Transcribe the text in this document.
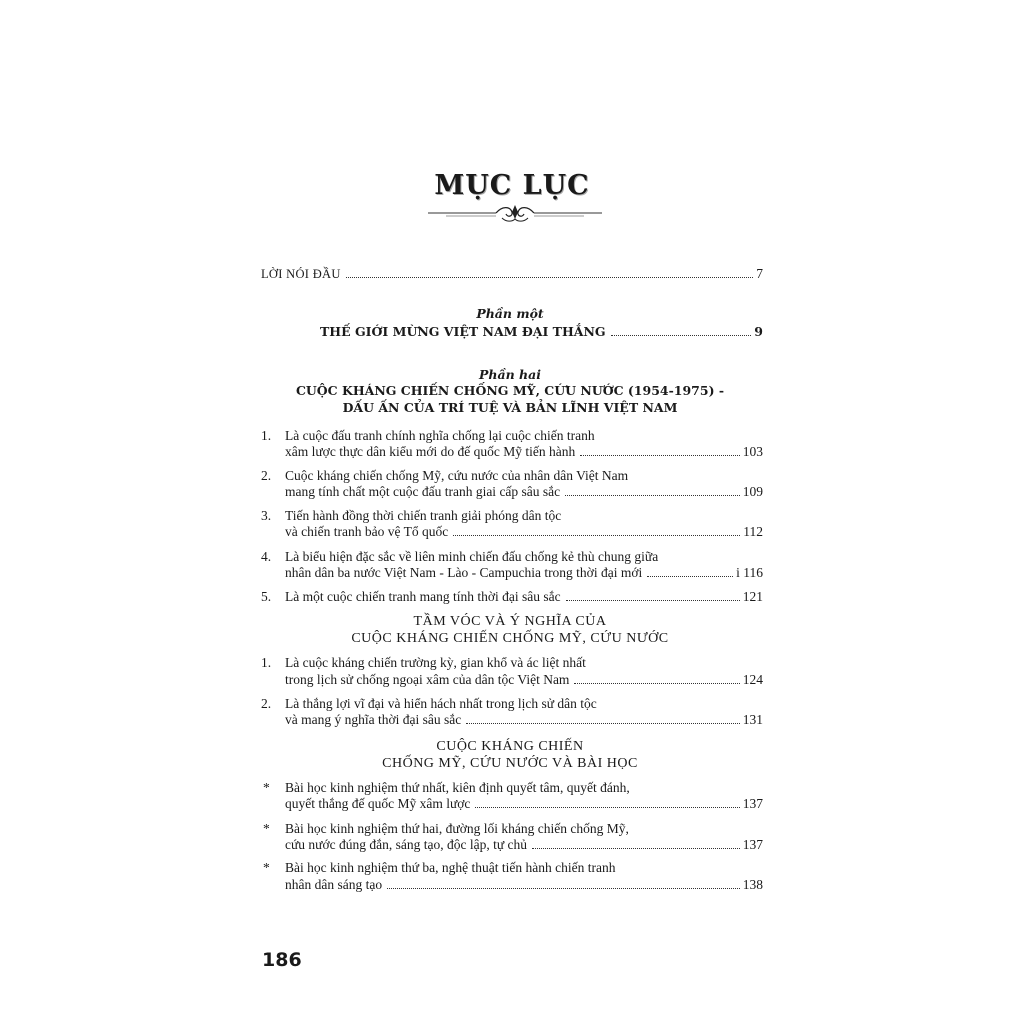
MỤC LỤC
LỜI NÓI ĐẦU	7
Phần một
THẾ GIỚI MỪNG VIỆT NAM ĐẠI THẮNG	9
Phần hai
CUỘC KHÁNG CHIẾN CHỐNG MỸ, CỨU NƯỚC (1954-1975) -
DẤU ẤN CỦA TRÍ TUỆ VÀ BẢN LĨNH VIỆT NAM
1. Là cuộc đấu tranh chính nghĩa chống lại cuộc chiến tranh
xâm lược thực dân kiểu mới do đế quốc Mỹ tiến hành	103
2. Cuộc kháng chiến chống Mỹ, cứu nước của nhân dân Việt Nam
mang tính chất một cuộc đấu tranh giai cấp sâu sắc	109
3. Tiến hành đồng thời chiến tranh giải phóng dân tộc
và chiến tranh bảo vệ Tổ quốc	112
4. Là biểu hiện đặc sắc về liên minh chiến đấu chống kẻ thù chung giữa
nhân dân ba nước Việt Nam - Lào - Campuchia trong thời đại mới	i 116
5. Là một cuộc chiến tranh mang tính thời đại sâu sắc	121
TẦM VÓC VÀ Ý NGHĨA CỦA
CUỘC KHÁNG CHIẾN CHỐNG MỸ, CỨU NƯỚC
1. Là cuộc kháng chiến trường kỳ, gian khổ và ác liệt nhất
trong lịch sử chống ngoại xâm của dân tộc Việt Nam	124
2. Là thắng lợi vĩ đại và hiển hách nhất trong lịch sử dân tộc
và mang ý nghĩa thời đại sâu sắc	131
CUỘC KHÁNG CHIẾN
CHỐNG MỸ, CỨU NƯỚC VÀ BÀI HỌC
* Bài học kinh nghiệm thứ nhất, kiên định quyết tâm, quyết đánh,
quyết thắng đế quốc Mỹ xâm lược	137
* Bài học kinh nghiệm thứ hai, đường lối kháng chiến chống Mỹ,
cứu nước đúng đắn, sáng tạo, độc lập, tự chủ	137
* Bài học kinh nghiệm thứ ba, nghệ thuật tiến hành chiến tranh
nhân dân sáng tạo	138
186
